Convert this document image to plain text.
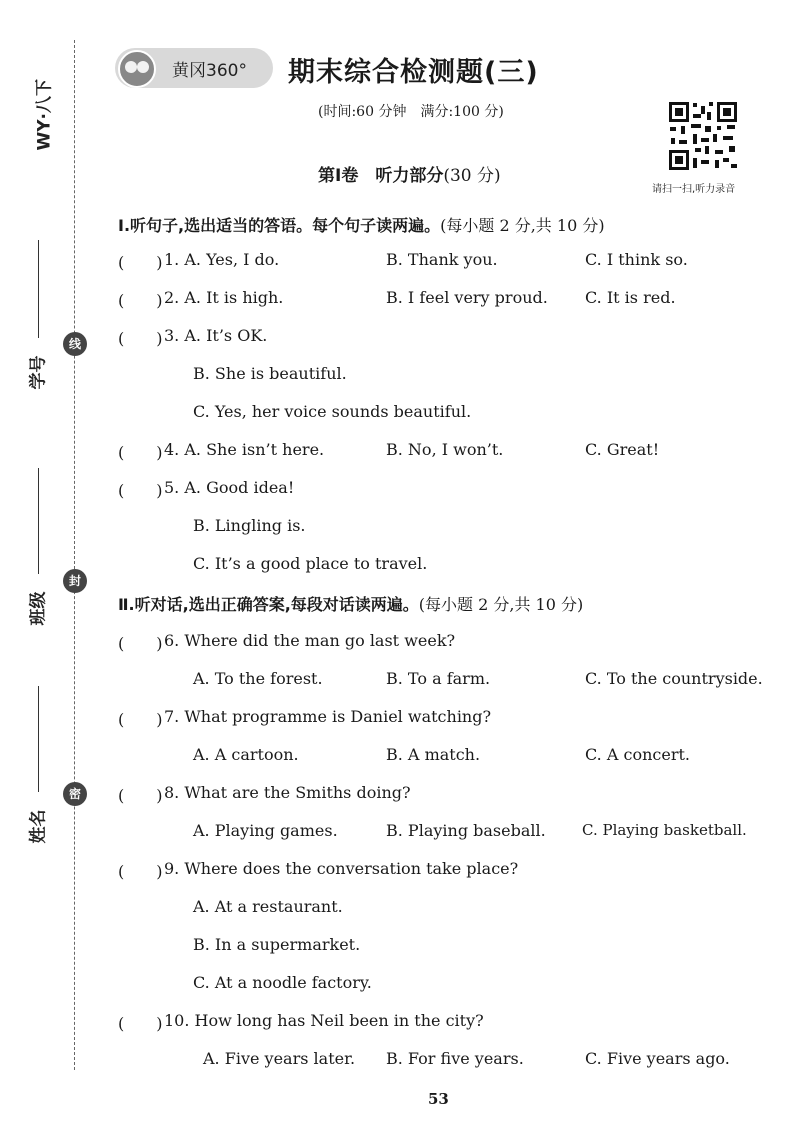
WY·八下
学号
线
班级
封
姓名
密
黄冈360° 期末综合检测题(三)
(时间:60 分钟　满分:100 分)
第Ⅰ卷　听力部分(30 分)
请扫一扫,听力录音
Ⅰ.听句子,选出适当的答语。每个句子读两遍。(每小题 2 分,共 10 分)
(　　) 1. A. Yes, I do.	B. Thank you.	C. I think so.
(　　) 2. A. It is high.	B. I feel very proud. C. It is red.
(　　) 3. A. It’s OK.
B. She is beautiful.
C. Yes, her voice sounds beautiful.
(　　) 4. A. She isn’t here.	B. No, I won’t.	C. Great!
(　　) 5. A. Good idea!
B. Lingling is.
C. It’s a good place to travel.
Ⅱ.听对话,选出正确答案,每段对话读两遍。(每小题 2 分,共 10 分)
(　　) 6. Where did the man go last week?
A. To the forest.	B. To a farm.	C. To the countryside.
(　　) 7. What programme is Daniel watching?
A. A cartoon.	B. A match.	C. A concert.
(　　) 8. What are the Smiths doing?
A. Playing games.	B. Playing baseball. C. Playing basketball.
(　　) 9. Where does the conversation take place?
A. At a restaurant.
B. In a supermarket.
C. At a noodle factory.
(　　) 10. How long has Neil been in the city?
A. Five years later. B. For five years.	C. Five years ago.
53
